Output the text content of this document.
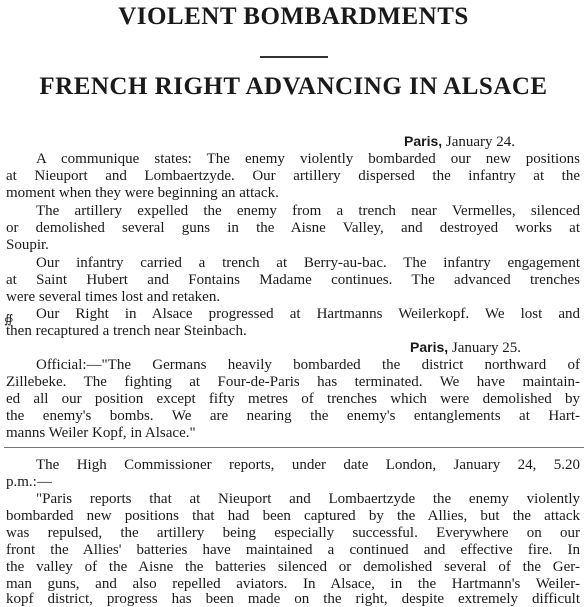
VIOLENT BOMBARDMENTS
FRENCH RIGHT ADVANCING IN ALSACE
Paris, January 24.
A communique states: The enemy violently bombarded our new positions
at Nieuport and Lombaertzyde. Our artillery dispersed the infantry at the
moment when they were beginning an attack.
The artillery expelled the enemy from a trench near Vermelles, silenced
or demolished several guns in the Aisne Valley, and destroyed works at
Soupir.
Our infantry carried a trench at Berry-au-bac. The infantry engagement
at Saint Hubert and Fontains Madame continues. The advanced trenches
were several times lost and retaken.
∯ Our Right in Alsace progressed at Hartmanns Weilerkopf. We lost and
then recaptured a trench near Steinbach.
Paris, January 25.
Official:—"The Germans heavily bombarded the district northward of
Zillebeke. The fighting at Four-de-Paris has terminated. We have maintain-
ed all our position except fifty metres of trenches which were demolished by
the enemy's bombs. We are nearing the enemy's entanglements at Hart-
manns Weiler Kopf, in Alsace."
The High Commissioner reports, under date London, January 24, 5.20
p.m.:—
"Paris reports that at Nieuport and Lombaertzyde the enemy violently
bombarded new positions that had been captured by the Allies, but the attack
was repulsed, the artillery being especially successful. Everywhere on our
front the Allies' batteries have maintained a continued and effective fire. In
the valley of the Aisne the batteries silenced or demolished several of the Ger-
man guns, and also repelled aviators. In Alsace, in the Hartmann's Weiler-
kopf district, progress has been made on the right, despite extremely difficult
